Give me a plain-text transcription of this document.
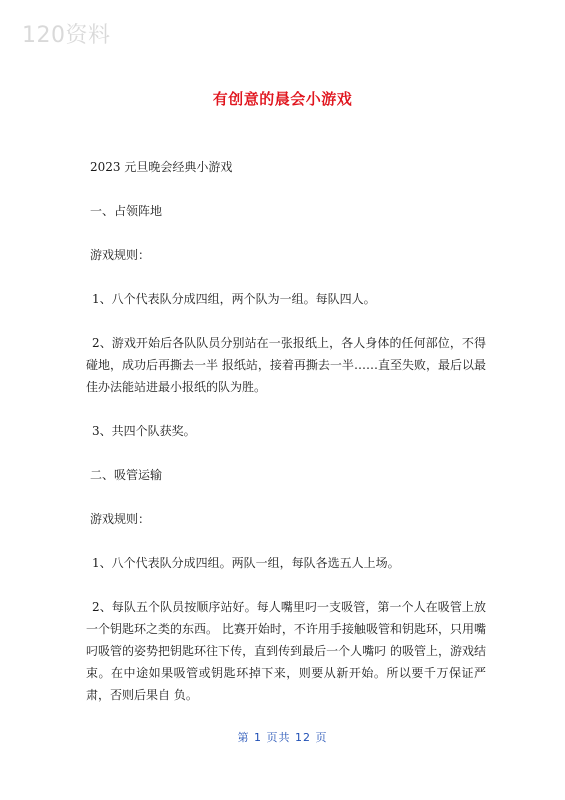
120资料
有创意的晨会小游戏

2023 元旦晚会经典小游戏

一、占领阵地

游戏规则：

1、八个代表队分成四组，两个队为一组。每队四人。

2、游戏开始后各队队员分别站在一张报纸上，各人身体的任何部位，不得碰地，成功后再撕去一半 报纸站，接着再撕去一半……直至失败，最后以最佳办法能站进最小报纸的队为胜。

3、共四个队获奖。

二、吸管运输

游戏规则：

1、八个代表队分成四组。两队一组，每队各选五人上场。

2、每队五个队员按顺序站好。每人嘴里叼一支吸管，第一个人在吸管上放一个钥匙环之类的东西。 比赛开始时，不许用手接触吸管和钥匙环，只用嘴叼吸管的姿势把钥匙环往下传，直到传到最后一个人嘴叼 的吸管上，游戏结束。在中途如果吸管或钥匙环掉下来，则要从新开始。所以要千万保证严肃，否则后果自 负。

第 1 页共 12 页
